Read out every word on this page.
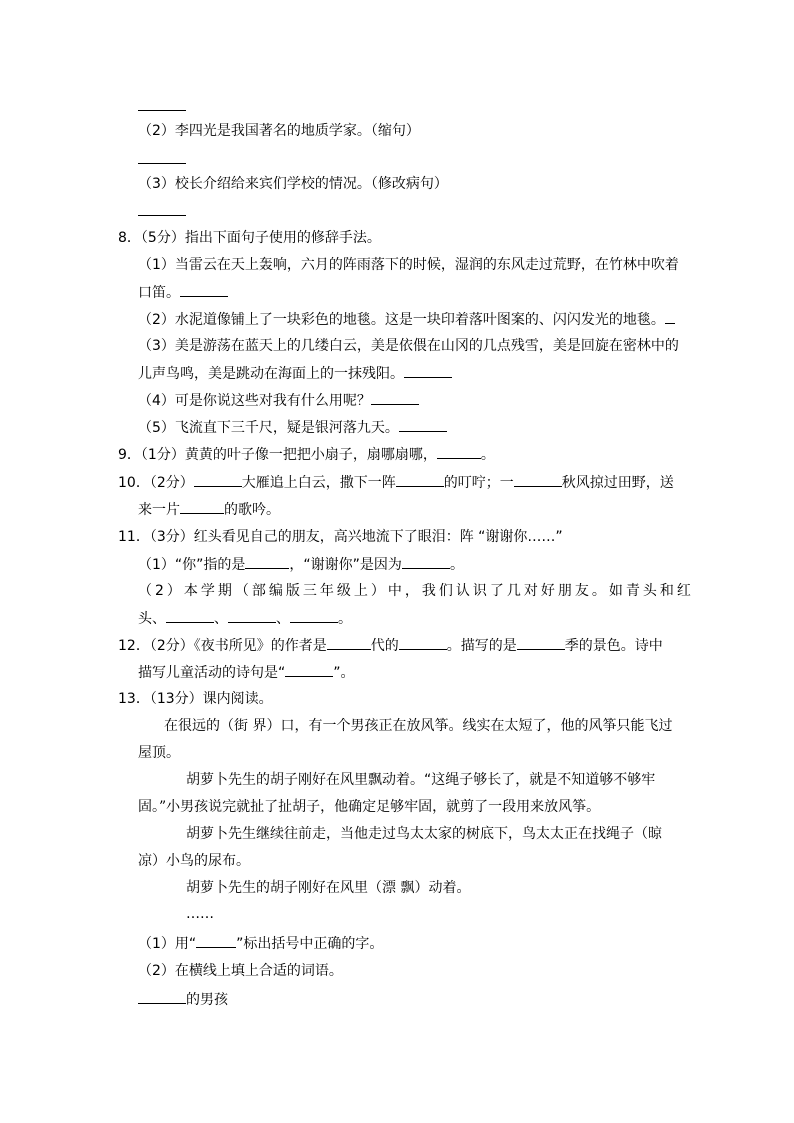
（2）李四光是我国著名的地质学家。（缩句）
（3）校长介绍给来宾们学校的情况。（修改病句）
8．（5分）指出下面句子使用的修辞手法。
（1）当雷云在天上轰响，六月的阵雨落下的时候，湿润的东风走过荒野，在竹林中吹着
口笛。
（2）水泥道像铺上了一块彩色的地毯。这是一块印着落叶图案的、闪闪发光的地毯。
（3）美是游荡在蓝天上的几缕白云，美是依偎在山冈的几点残雪，美是回旋在密林中的
儿声鸟鸣，美是跳动在海面上的一抹残阳。
（4）可是你说这些对我有什么用呢？
（5）飞流直下三千尺，疑是银河落九天。
9．（1分）黄黄的叶子像一把把小扇子，扇哪扇哪，	。
10．（2分）	大雁追上白云，撒下一阵	的叮咛；一	秋风掠过田野，送
来一片	的歌吟。
11．（3分）红头看见自己的朋友，高兴地流下了眼泪：阵 “谢谢你……”
（1）“你”指的是	，“谢谢你”是因为	。
（2）本学期（部编版三年级上）中，我们认识了几对好朋友。如青头和红
头、	、	、	。
12．（2分）《夜书所见》的作者是	代的	。描写的是	季的景色。诗中
描写儿童活动的诗句是“	”。
13．（13分）课内阅读。
在很远的（街 界）口，有一个男孩正在放风筝。线实在太短了，他的风筝只能飞过
屋顶。
胡萝卜先生的胡子刚好在风里飘动着。“这绳子够长了，就是不知道够不够牢
固。”小男孩说完就扯了扯胡子，他确定足够牢固，就剪了一段用来放风筝。
胡萝卜先生继续往前走，当他走过鸟太太家的树底下，鸟太太正在找绳子（晾
凉）小鸟的尿布。
胡萝卜先生的胡子刚好在风里（漂 飘）动着。
……
（1）用“	”标出括号中正确的字。
（2）在横线上填上合适的词语。
的男孩
